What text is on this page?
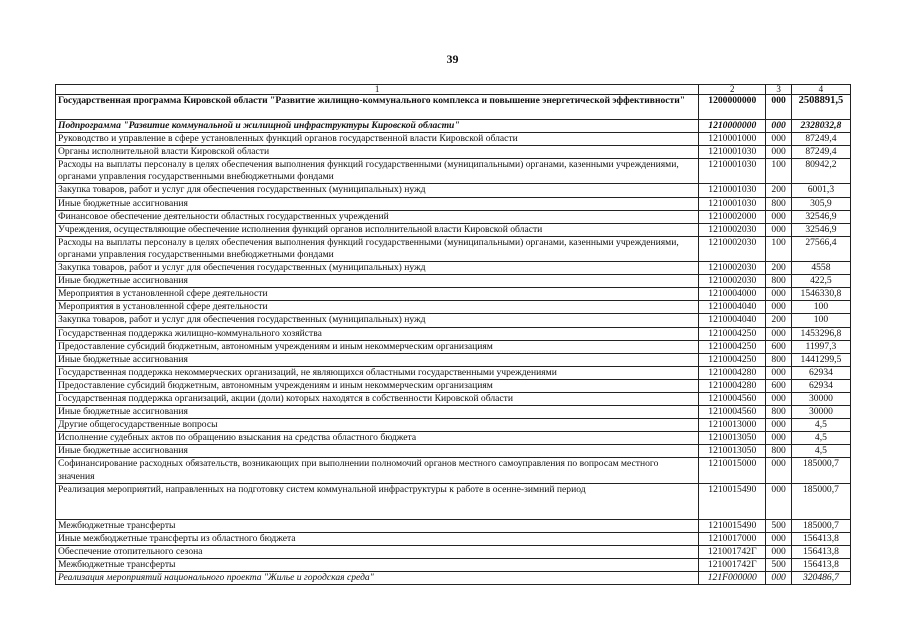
39
1	2	3	4
Государственная программа Кировской области "Развитие жилищно-коммунального комплекса и повышение энергетической эффективности"	1200000000	000	2508891,5
Подпрограмма "Развитие коммунальной и жилищной инфраструктуры Кировской области"	1210000000	000	2328032,8
Руководство и управление в сфере установленных функций органов государственной власти Кировской области	1210001000	000	87249,4
Органы исполнительной власти Кировской области	1210001030	000	87249,4
Расходы на выплаты персоналу в целях обеспечения выполнения функций государственными (муниципальными) органами, казенными учреждениями, органами управления государственными внебюджетными фондами	1210001030	100	80942,2
Закупка товаров, работ и услуг для обеспечения государственных (муниципальных) нужд	1210001030	200	6001,3
Иные бюджетные ассигнования	1210001030	800	305,9
Финансовое обеспечение деятельности областных государственных учреждений	1210002000	000	32546,9
Учреждения, осуществляющие обеспечение исполнения функций органов исполнительной власти Кировской области	1210002030	000	32546,9
Расходы на выплаты персоналу в целях обеспечения выполнения функций государственными (муниципальными) органами, казенными учреждениями, органами управления государственными внебюджетными фондами	1210002030	100	27566,4
Закупка товаров, работ и услуг для обеспечения государственных (муниципальных) нужд	1210002030	200	4558
Иные бюджетные ассигнования	1210002030	800	422,5
Мероприятия в установленной сфере деятельности	1210004000	000	1546330,8
Мероприятия в установленной сфере деятельности	1210004040	000	100
Закупка товаров, работ и услуг для обеспечения государственных (муниципальных) нужд	1210004040	200	100
Государственная поддержка жилищно-коммунального хозяйства	1210004250	000	1453296,8
Предоставление субсидий бюджетным, автономным учреждениям и иным некоммерческим организациям	1210004250	600	11997,3
Иные бюджетные ассигнования	1210004250	800	1441299,5
Государственная поддержка некоммерческих организаций, не являющихся областными государственными учреждениями	1210004280	000	62934
Предоставление субсидий бюджетным, автономным учреждениям и иным некоммерческим организациям	1210004280	600	62934
Государственная поддержка организаций, акции (доли) которых находятся в собственности Кировской области	1210004560	000	30000
Иные бюджетные ассигнования	1210004560	800	30000
Другие общегосударственные вопросы	1210013000	000	4,5
Исполнение судебных актов по обращению взыскания на средства областного бюджета	1210013050	000	4,5
Иные бюджетные ассигнования	1210013050	800	4,5
Софинансирование расходных обязательств, возникающих при выполнении полномочий органов местного самоуправления по вопросам местного значения	1210015000	000	185000,7
Реализация мероприятий, направленных на подготовку систем коммунальной инфраструктуры к работе в осенне-зимний период	1210015490	000	185000,7
Межбюджетные трансферты	1210015490	500	185000,7
Иные межбюджетные трансферты из областного бюджета	1210017000	000	156413,8
Обеспечение отопительного сезона	121001742Г	000	156413,8
Межбюджетные трансферты	121001742Г	500	156413,8
Реализация мероприятий национального проекта "Жилье и городская среда"	121F000000	000	320486,7
